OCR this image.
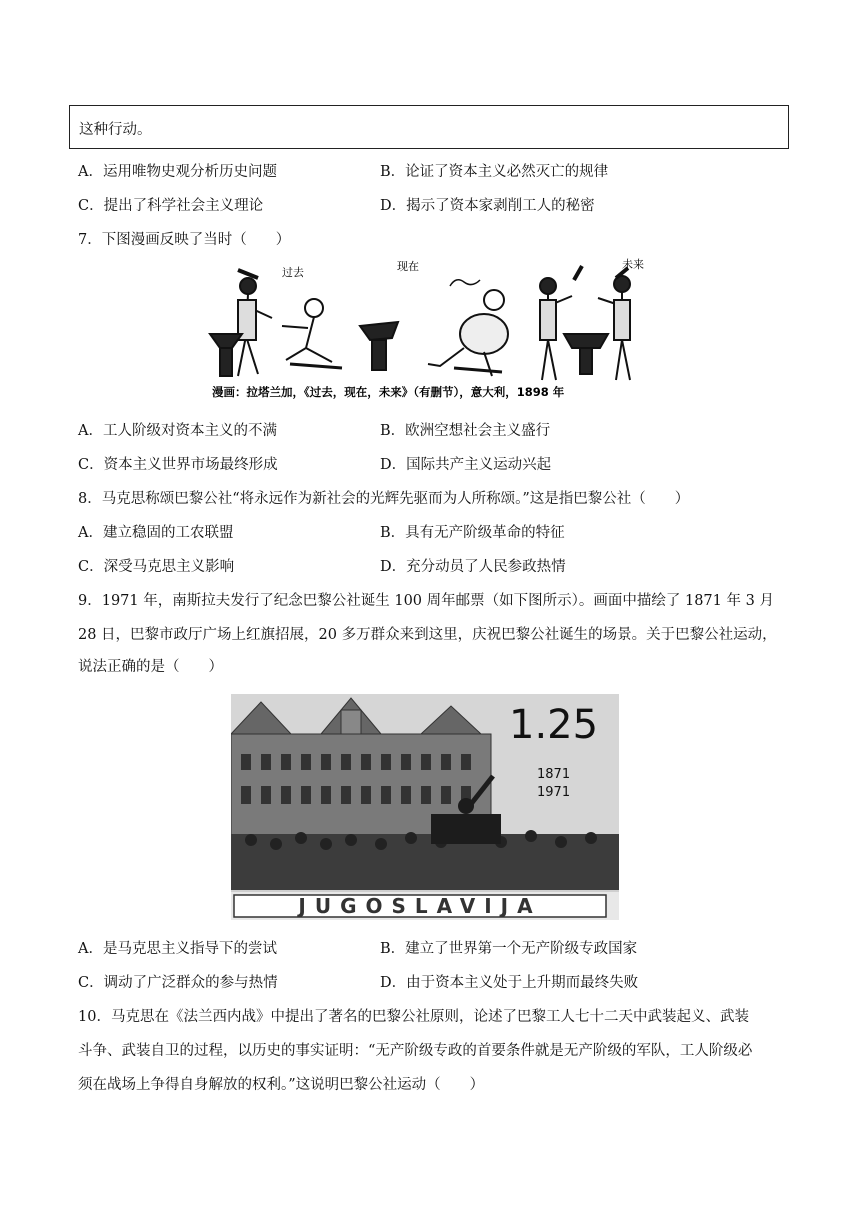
这种行动。
A．运用唯物史观分析历史问题	B．论证了资本主义必然灭亡的规律
C．提出了科学社会主义理论	D．揭示了资本家剥削工人的秘密
7．下图漫画反映了当时（　　）
过去	现在	未来
漫画：拉塔兰加，《过去，现在，未来》（有删节），意大利，1898 年
A．工人阶级对资本主义的不满	B．欧洲空想社会主义盛行
C．资本主义世界市场最终形成	D．国际共产主义运动兴起
8．马克思称颂巴黎公社“将永远作为新社会的光辉先驱而为人所称颂。”这是指巴黎公社（　　）
A．建立稳固的工农联盟	B．具有无产阶级革命的特征
C．深受马克思主义影响	D．充分动员了人民参政热情
9．1971 年，南斯拉夫发行了纪念巴黎公社诞生 100 周年邮票（如下图所示）。画面中描绘了 1871 年 3 月
28 日，巴黎市政厅广场上红旗招展，20 多万群众来到这里，庆祝巴黎公社诞生的场景。关于巴黎公社运动，
说法正确的是（　　）
JUGOSLAVIJA
1.25
1871
1971
A．是马克思主义指导下的尝试	B．建立了世界第一个无产阶级专政国家
C．调动了广泛群众的参与热情	D．由于资本主义处于上升期而最终失败
10．马克思在《法兰西内战》中提出了著名的巴黎公社原则，论述了巴黎工人七十二天中武装起义、武装
斗争、武装自卫的过程，以历史的事实证明：“无产阶级专政的首要条件就是无产阶级的军队，工人阶级必
须在战场上争得自身解放的权利。”这说明巴黎公社运动（　　）
